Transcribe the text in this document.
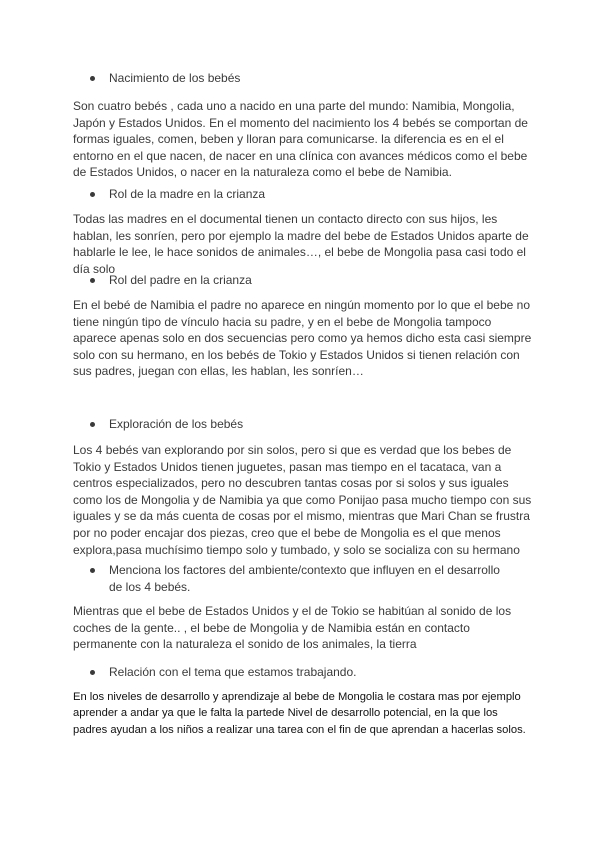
Nacimiento de los bebés
Son cuatro bebés , cada uno a nacido en una parte del mundo: Namibia, Mongolia, Japón y Estados Unidos. En el momento del nacimiento los 4 bebés se comportan de formas iguales, comen, beben y lloran para comunicarse. la diferencia es en el el entorno en el que nacen, de nacer en una clínica con avances médicos como el bebe de Estados Unidos, o nacer en la naturaleza como el bebe de Namibia.
Rol de la madre en la crianza
Todas las madres en el documental tienen un contacto directo con sus hijos, les hablan, les sonríen, pero por ejemplo la madre del bebe de Estados Unidos aparte de hablarle le lee, le hace sonidos de animales…, el bebe de Mongolia pasa casi todo el día solo
Rol del padre en la crianza
En el bebé de Namibia el padre no aparece en ningún momento por lo que el bebe no tiene ningún tipo de vínculo hacia su padre, y en el bebe de Mongolia tampoco aparece apenas solo en dos secuencias pero como ya hemos dicho esta casi siempre solo con su hermano, en los bebés de Tokio y Estados Unidos si tienen relación con sus padres, juegan con ellas, les hablan, les sonríen…
Exploración de los bebés
Los 4 bebés van explorando por sin solos, pero si que es verdad que los bebes de Tokio y Estados Unidos tienen juguetes, pasan mas tiempo en el tacataca, van a centros especializados, pero no descubren tantas cosas por si solos y sus iguales como los de Mongolia y de Namibia ya que como Ponijao pasa mucho tiempo con sus iguales y se da más cuenta de cosas por el mismo, mientras que Mari Chan se frustra por no poder encajar dos piezas, creo que el bebe de Mongolia es el que menos explora,pasa muchísimo tiempo solo y tumbado, y solo se socializa con su hermano
Menciona los factores del ambiente/contexto que influyen en el desarrollo de los 4 bebés.
Mientras que el bebe de Estados Unidos y el de Tokio se habitúan al sonido de los coches de la gente.. , el bebe de Mongolia y de Namibia están en contacto permanente con la naturaleza el sonido de los animales, la tierra
Relación con el tema que estamos trabajando.
En los niveles de desarrollo y aprendizaje al bebe de Mongolia le costara mas por ejemplo aprender a andar ya que le falta la partede Nivel de desarrollo potencial, en la que los padres ayudan a los niños a realizar una tarea con el fin de que aprendan a hacerlas solos.
